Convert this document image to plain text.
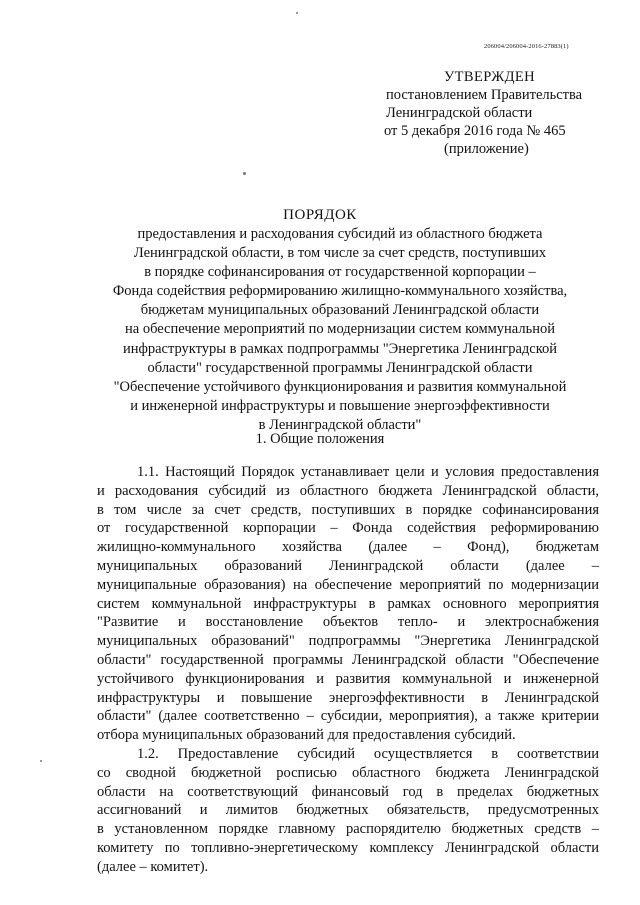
206004/206004-2016-27883(1)
УТВЕРЖДЕН
постановлением Правительства
Ленинградской области
от 5 декабря 2016 года № 465
(приложение)
ПОРЯДОК
предоставления и расходования субсидий из областного бюджета
Ленинградской области, в том числе за счет средств, поступивших
в порядке софинансирования от государственной корпорации –
Фонда содействия реформированию жилищно-коммунального хозяйства,
бюджетам муниципальных образований Ленинградской области
на обеспечение мероприятий по модернизации систем коммунальной
инфраструктуры в рамках подпрограммы "Энергетика Ленинградской
области" государственной программы Ленинградской области
"Обеспечение устойчивого функционирования и развития коммунальной
и инженерной инфраструктуры и повышение энергоэффективности
в Ленинградской области"
1. Общие положения
1.1. Настоящий Порядок устанавливает цели и условия предоставления
и расходования субсидий из областного бюджета Ленинградской области,
в том числе за счет средств, поступивших в порядке софинансирования
от государственной корпорации – Фонда содействия реформированию
жилищно-коммунального хозяйства (далее – Фонд), бюджетам
муниципальных образований Ленинградской области (далее –
муниципальные образования) на обеспечение мероприятий по модернизации
систем коммунальной инфраструктуры в рамках основного мероприятия
"Развитие и восстановление объектов тепло- и электроснабжения
муниципальных образований" подпрограммы "Энергетика Ленинградской
области" государственной программы Ленинградской области "Обеспечение
устойчивого функционирования и развития коммунальной и инженерной
инфраструктуры и повышение энергоэффективности в Ленинградской
области" (далее соответственно – субсидии, мероприятия), а также критерии
отбора муниципальных образований для предоставления субсидий.
1.2. Предоставление субсидий осуществляется в соответствии
со сводной бюджетной росписью областного бюджета Ленинградской
области на соответствующий финансовый год в пределах бюджетных
ассигнований и лимитов бюджетных обязательств, предусмотренных
в установленном порядке главному распорядителю бюджетных средств –
комитету по топливно-энергетическому комплексу Ленинградской области
(далее – комитет).
